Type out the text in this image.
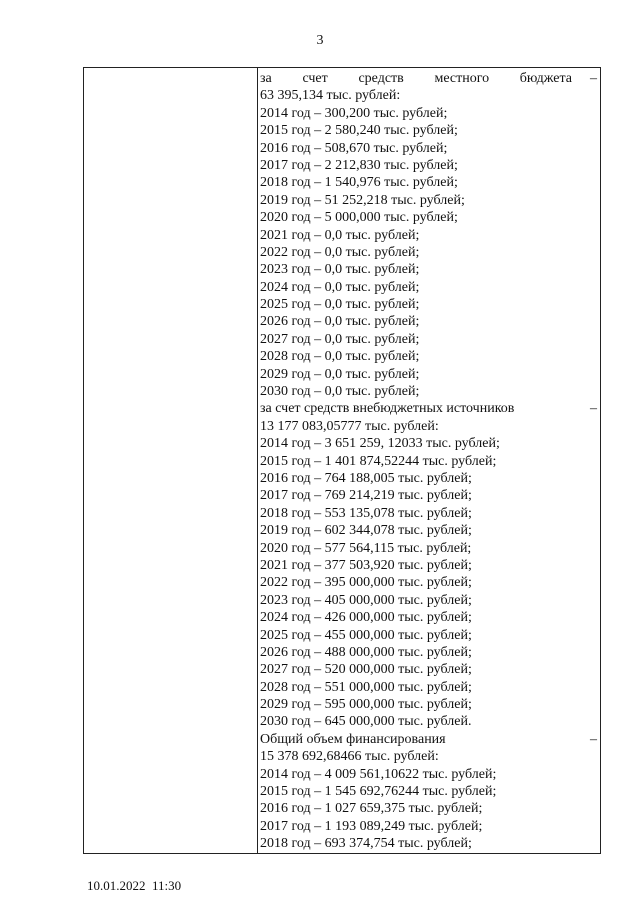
3
за счет средств местного бюджета –
63 395,134 тыс. рублей:
2014 год – 300,200 тыс. рублей;
2015 год – 2 580,240 тыс. рублей;
2016 год – 508,670 тыс. рублей;
2017 год – 2 212,830 тыс. рублей;
2018 год – 1 540,976 тыс. рублей;
2019 год – 51 252,218 тыс. рублей;
2020 год – 5 000,000 тыс. рублей;
2021 год – 0,0 тыс. рублей;
2022 год – 0,0 тыс. рублей;
2023 год – 0,0 тыс. рублей;
2024 год – 0,0 тыс. рублей;
2025 год – 0,0 тыс. рублей;
2026 год – 0,0 тыс. рублей;
2027 год – 0,0 тыс. рублей;
2028 год – 0,0 тыс. рублей;
2029 год – 0,0 тыс. рублей;
2030 год – 0,0 тыс. рублей;
за счет средств внебюджетных источников	–
13 177 083,05777 тыс. рублей:
2014 год – 3 651 259, 12033 тыс. рублей;
2015 год – 1 401 874,52244 тыс. рублей;
2016 год – 764 188,005 тыс. рублей;
2017 год – 769 214,219 тыс. рублей;
2018 год – 553 135,078 тыс. рублей;
2019 год – 602 344,078 тыс. рублей;
2020 год – 577 564,115 тыс. рублей;
2021 год – 377 503,920 тыс. рублей;
2022 год – 395 000,000 тыс. рублей;
2023 год – 405 000,000 тыс. рублей;
2024 год – 426 000,000 тыс. рублей;
2025 год – 455 000,000 тыс. рублей;
2026 год – 488 000,000 тыс. рублей;
2027 год – 520 000,000 тыс. рублей;
2028 год – 551 000,000 тыс. рублей;
2029 год – 595 000,000 тыс. рублей;
2030 год – 645 000,000 тыс. рублей.
Общий объем финансирования	–
15 378 692,68466 тыс. рублей:
2014 год – 4 009 561,10622 тыс. рублей;
2015 год – 1 545 692,76244 тыс. рублей;
2016 год – 1 027 659,375 тыс. рублей;
2017 год – 1 193 089,249 тыс. рублей;
2018 год – 693 374,754 тыс. рублей;
10.01.2022 11:30
